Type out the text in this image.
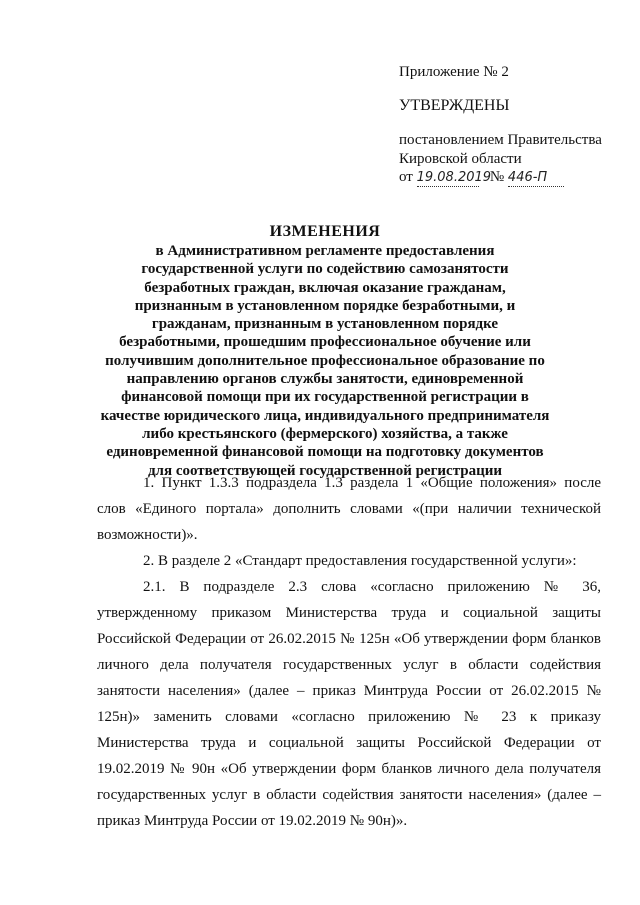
Приложение № 2
УТВЕРЖДЕНЫ
постановлением Правительства
Кировской области
от 19.08.2019   № 446-П
ИЗМЕНЕНИЯ

в Административном регламенте предоставления государственной услуги по содействию самозанятости безработных граждан, включая оказание гражданам, признанным в установленном порядке безработными, и гражданам, признанным в установленном порядке безработными, прошедшим профессиональное обучение или получившим дополнительное профессиональное образование по направлению органов службы занятости, единовременной финансовой помощи при их государственной регистрации в качестве юридического лица, индивидуального предпринимателя либо крестьянского (фермерского) хозяйства, а также единовременной финансовой помощи на подготовку документов для соответствующей государственной регистрации

1. Пункт 1.3.3 подраздела 1.3 раздела 1 «Общие положения» после слов «Единого портала» дополнить словами «(при наличии технической возможности)».

2. В разделе 2 «Стандарт предоставления государственной услуги»:

2.1. В подразделе 2.3 слова «согласно приложению № 36, утвержденному приказом Министерства труда и социальной защиты Российской Федерации от 26.02.2015 № 125н «Об утверждении форм бланков личного дела получателя государственных услуг в области содействия занятости населения» (далее – приказ Минтруда России от 26.02.2015 № 125н)» заменить словами «согласно приложению № 23 к приказу Министерства труда и социальной защиты Российской Федерации от 19.02.2019 № 90н «Об утверждении форм бланков личного дела получателя государственных услуг в области содействия занятости населения» (далее – приказ Минтруда России от 19.02.2019 № 90н)».
